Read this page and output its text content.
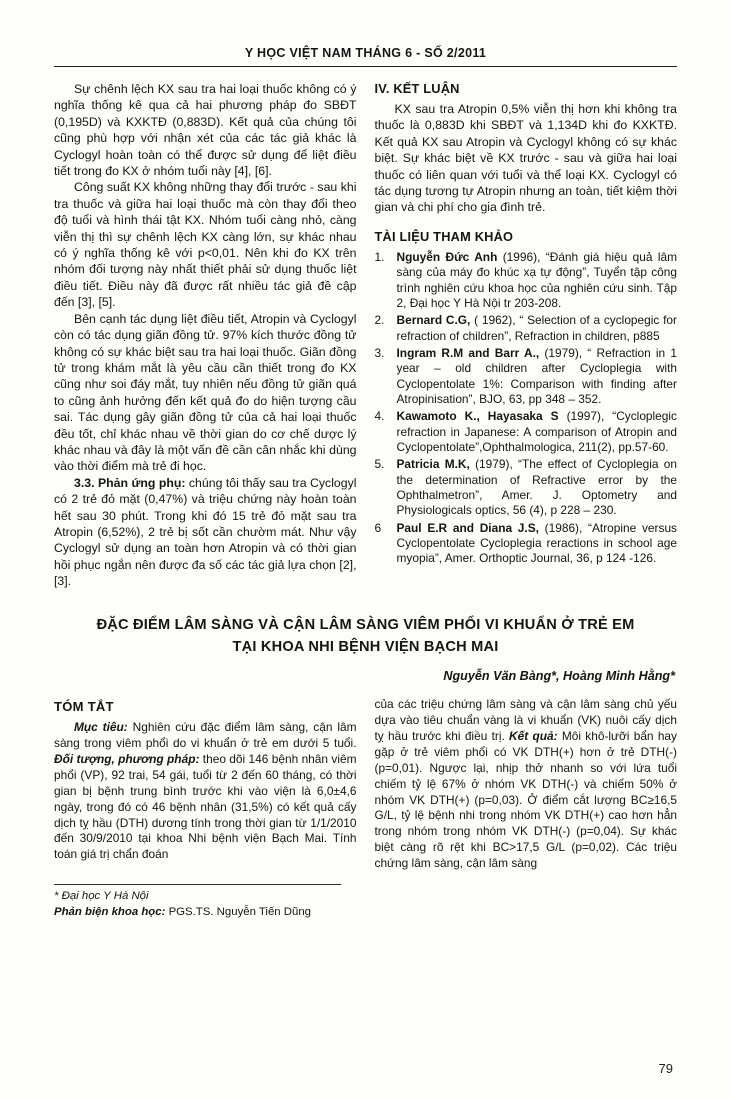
Y HỌC VIỆT NAM THÁNG 6 - SỐ 2/2011

Sự chênh lệch KX sau tra hai loại thuốc không có ý nghĩa thống kê qua cả hai phương pháp đo SBĐT (0,195D) và KXKTĐ (0,883D). Kết quả của chúng tôi cũng phù hợp với nhận xét của các tác giả khác là Cyclogyl hoàn toàn có thể được sử dụng để liệt điều tiết trong đo KX ở nhóm tuổi này [4], [6].

Công suất KX không những thay đổi trước - sau khi tra thuốc và giữa hai loại thuốc mà còn thay đổi theo độ tuổi và hình thái tật KX. Nhóm tuổi càng nhỏ, càng viễn thị thì sự chênh lệch KX càng lớn, sự khác nhau có ý nghĩa thống kê với p<0,01. Nên khi đo KX trên nhóm đối tượng này nhất thiết phải sử dụng thuốc liệt điều tiết. Điều này đã được rất nhiều tác giả đề cập đến [3], [5].

Bên cạnh tác dụng liệt điều tiết, Atropin và Cyclogyl còn có tác dụng giãn đồng tử. 97% kích thước đồng tử không có sự khác biệt sau tra hai loại thuốc. Giãn đồng tử trong khám mắt là yêu cầu cần thiết trong đo KX cũng như soi đáy mắt, tuy nhiên nếu đồng tử giãn quá to cũng ảnh hưởng đến kết quả đo do hiện tượng cầu sai. Tác dụng gây giãn đồng tử của cả hai loại thuốc đều tốt, chỉ khác nhau về thời gian do cơ chế dược lý khác nhau và đây là một vấn đề cần cân nhắc khi dùng vào thời điểm mà trẻ đi học.

3.3. Phản ứng phụ: chúng tôi thấy sau tra Cyclogyl có 2 trẻ đỏ mặt (0,47%) và triệu chứng này hoàn toàn hết sau 30 phút. Trong khi đó 15 trẻ đỏ mặt sau tra Atropin (6,52%), 2 trẻ bị sốt cần chườm mát. Như vậy Cyclogyl sử dụng an toàn hơn Atropin và có thời gian hồi phục ngắn nên được đa số các tác giả lựa chọn [2], [3].

IV. KẾT LUẬN

KX sau tra Atropin 0,5% viễn thị hơn khi không tra thuốc là 0,883D khi SBĐT và 1,134D khi đo KXKTĐ. Kết quả KX sau Atropin và Cyclogyl không có sự khác biệt. Sự khác biệt về KX trước - sau và giữa hai loại thuốc có liên quan với tuổi và thể loại KX. Cyclogyl có tác dụng tương tự Atropin nhưng an toàn, tiết kiệm thời gian và chi phí cho gia đình trẻ.

TÀI LIỆU THAM KHẢO
1.	Nguyễn Đức Anh (1996), “Đánh giá hiệu quả lâm sàng của máy đo khúc xạ tự động”, Tuyển tập công trình nghiên cứu khoa học của nghiên cứu sinh. Tập 2, Đại học Y Hà Nội tr 203-208.
2.	Bernard C.G, ( 1962), “ Selection of a cyclopegic for refraction of children”, Refraction in children, p885
3.	Ingram R.M and Barr A., (1979), “ Refraction in 1 year – old children after Cycloplegia with Cyclopentolate 1%: Comparison with finding after Atropinisation”, BJO, 63, pp 348 – 352.
4.	Kawamoto K., Hayasaka S (1997), “Cycloplegic refraction in Japanese: A comparison of Atropin and Cyclopentolate”,Ophthalmologica, 211(2), pp.57-60.
5.	Patricia M.K, (1979), “The effect of Cycloplegia on the determination of Refractive error by the Ophthalmetron”, Amer. J. Optometry and Physiologicals optics, 56 (4), p 228 – 230.
6	Paul E.R and Diana J.S, (1986), “Atropine versus Cyclopentolate Cycloplegia reractions in school age myopia”, Amer. Orthoptic Journal, 36, p 124 -126.
ĐẶC ĐIỂM LÂM SÀNG VÀ CẬN LÂM SÀNG VIÊM PHỔI VI KHUẨN Ở TRẺ EM
TẠI KHOA NHI BỆNH VIỆN BẠCH MAI
Nguyễn Văn Bàng*, Hoàng Minh Hằng*
TÓM TẮT

Mục tiêu: Nghiên cứu đặc điểm lâm sàng, cận lâm sàng trong viêm phổi do vi khuẩn ở trẻ em dưới 5 tuổi. Đối tượng, phương pháp: theo dõi 146 bệnh nhân viêm phổi (VP), 92 trai, 54 gái, tuổi từ 2 đến 60 tháng, có thời gian bị bệnh trung bình trước khi vào viện là 6,0±4,6 ngày, trong đó có 46 bệnh nhân (31,5%) có kết quả cấy dịch tỵ hầu (DTH) dương tính trong thời gian từ 1/1/2010 đến 30/9/2010 tại khoa Nhi bệnh viện Bạch Mai. Tính toán giá trị chẩn đoán

của các triệu chứng lâm sàng và cận lâm sàng chủ yếu dựa vào tiêu chuẩn vàng là vi khuẩn (VK) nuôi cấy dịch tỵ hầu trước khi điều trị. Kết quả: Môi khô-lưỡi bẩn hay gặp ở trẻ viêm phổi có VK DTH(+) hơn ở trẻ DTH(-) (p=0,01). Ngược lại, nhịp thở nhanh so với lứa tuổi chiếm tỷ lệ 67% ở nhóm VK DTH(-) và chiếm 50% ở nhóm VK DTH(+) (p=0,03). Ở điểm cắt lượng BC≥16,5 G/L, tỷ lệ bệnh nhi trong nhóm VK DTH(+) cao hơn hẳn trong nhóm trong nhóm VK DTH(-) (p=0,04). Sự khác biệt càng rõ rệt khi BC>17,5 G/L (p=0,02). Các triệu chứng lâm sàng, cận lâm sàng

* Đại học Y Hà Nội
Phản biện khoa học: PGS.TS. Nguyễn Tiến Dũng
79
